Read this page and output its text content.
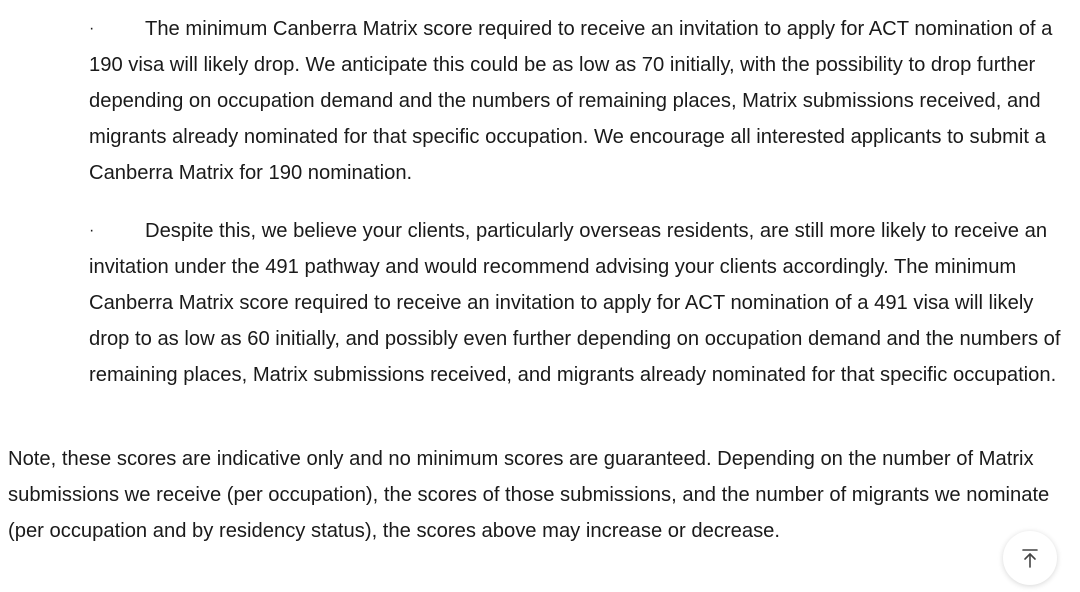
·	The minimum Canberra Matrix score required to receive an invitation to apply for ACT nomination of a 190 visa will likely drop. We anticipate this could be as low as 70 initially, with the possibility to drop further depending on occupation demand and the numbers of remaining places, Matrix submissions received, and migrants already nominated for that specific occupation. We encourage all interested applicants to submit a Canberra Matrix for 190 nomination.

·	Despite this, we believe your clients, particularly overseas residents, are still more likely to receive an invitation under the 491 pathway and would recommend advising your clients accordingly. The minimum Canberra Matrix score required to receive an invitation to apply for ACT nomination of a 491 visa will likely drop to as low as 60 initially, and possibly even further depending on occupation demand and the numbers of remaining places, Matrix submissions received, and migrants already nominated for that specific occupation.

Note, these scores are indicative only and no minimum scores are guaranteed. Depending on the number of Matrix submissions we receive (per occupation), the scores of those submissions, and the number of migrants we nominate (per occupation and by residency status), the scores above may increase or decrease.
